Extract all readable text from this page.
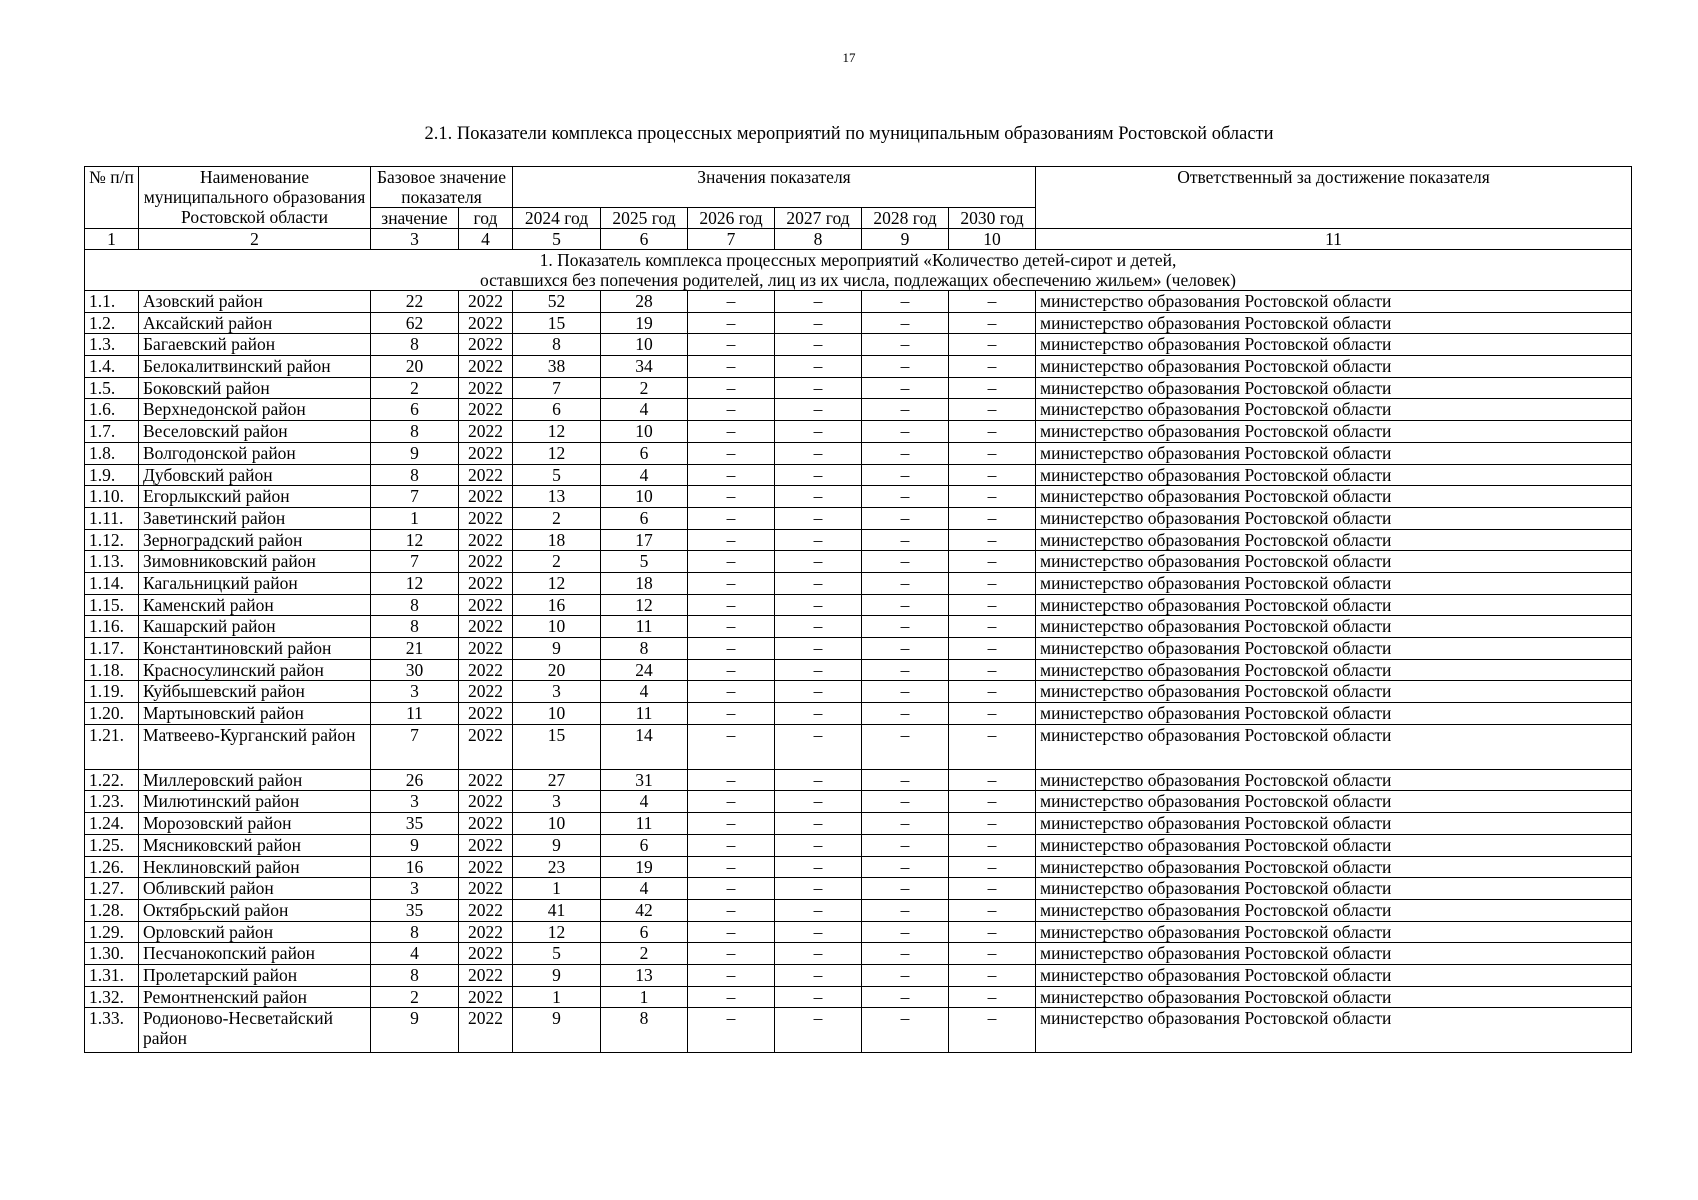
17
2.1. Показатели комплекса процессных мероприятий по муниципальным образованиям Ростовской области
№ п/п	Наименование муниципального образования Ростовской области	Базовое значение показателя		Значения показателя						Ответственный за достижение показателя
		значение	год	2024 год	2025 год	2026 год	2027 год	2028 год	2030 год	
1	2	3	4	5	6	7	8	9	10	11

1. Показатель комплекса процессных мероприятий «Количество детей-сирот и детей,
оставшихся без попечения родителей, лиц из их числа, подлежащих обеспечению жильем» (человек)										

1.1.	Азовский район	22	2022	52	28	–	–	–	–	министерство образования Ростовской области
1.2.	Аксайский район	62	2022	15	19	–	–	–	–	министерство образования Ростовской области
1.3.	Багаевский район	8	2022	8	10	–	–	–	–	министерство образования Ростовской области
1.4.	Белокалитвинский район	20	2022	38	34	–	–	–	–	министерство образования Ростовской области
1.5.	Боковский район	2	2022	7	2	–	–	–	–	министерство образования Ростовской области
1.6.	Верхнедонской район	6	2022	6	4	–	–	–	–	министерство образования Ростовской области
1.7.	Веселовский район	8	2022	12	10	–	–	–	–	министерство образования Ростовской области
1.8.	Волгодонской район	9	2022	12	6	–	–	–	–	министерство образования Ростовской области
1.9.	Дубовский район	8	2022	5	4	–	–	–	–	министерство образования Ростовской области
1.10.	Егорлыкский район	7	2022	13	10	–	–	–	–	министерство образования Ростовской области
1.11.	Заветинский район	1	2022	2	6	–	–	–	–	министерство образования Ростовской области
1.12.	Зерноградский район	12	2022	18	17	–	–	–	–	министерство образования Ростовской области
1.13.	Зимовниковский район	7	2022	2	5	–	–	–	–	министерство образования Ростовской области
1.14.	Кагальницкий район	12	2022	12	18	–	–	–	–	министерство образования Ростовской области
1.15.	Каменский район	8	2022	16	12	–	–	–	–	министерство образования Ростовской области
1.16.	Кашарский район	8	2022	10	11	–	–	–	–	министерство образования Ростовской области
1.17.	Константиновский район	21	2022	9	8	–	–	–	–	министерство образования Ростовской области
1.18.	Красносулинский район	30	2022	20	24	–	–	–	–	министерство образования Ростовской области
1.19.	Куйбышевский район	3	2022	3	4	–	–	–	–	министерство образования Ростовской области
1.20.	Мартыновский район	11	2022	10	11	–	–	–	–	министерство образования Ростовской области
1.21.	Матвеево-Курганский район	7	2022	15	14	–	–	–	–	министерство образования Ростовской области
1.22.	Миллеровский район	26	2022	27	31	–	–	–	–	министерство образования Ростовской области
1.23.	Милютинский район	3	2022	3	4	–	–	–	–	министерство образования Ростовской области
1.24.	Морозовский район	35	2022	10	11	–	–	–	–	министерство образования Ростовской области
1.25.	Мясниковский район	9	2022	9	6	–	–	–	–	министерство образования Ростовской области
1.26.	Неклиновский район	16	2022	23	19	–	–	–	–	министерство образования Ростовской области
1.27.	Обливский район	3	2022	1	4	–	–	–	–	министерство образования Ростовской области
1.28.	Октябрьский район	35	2022	41	42	–	–	–	–	министерство образования Ростовской области
1.29.	Орловский район	8	2022	12	6	–	–	–	–	министерство образования Ростовской области
1.30.	Песчанокопский район	4	2022	5	2	–	–	–	–	министерство образования Ростовской области
1.31.	Пролетарский район	8	2022	9	13	–	–	–	–	министерство образования Ростовской области
1.32.	Ремонтненский район	2	2022	1	1	–	–	–	–	министерство образования Ростовской области
1.33.	Родионово-Несветайский район	9	2022	9	8	–	–	–	–	министерство образования Ростовской области
